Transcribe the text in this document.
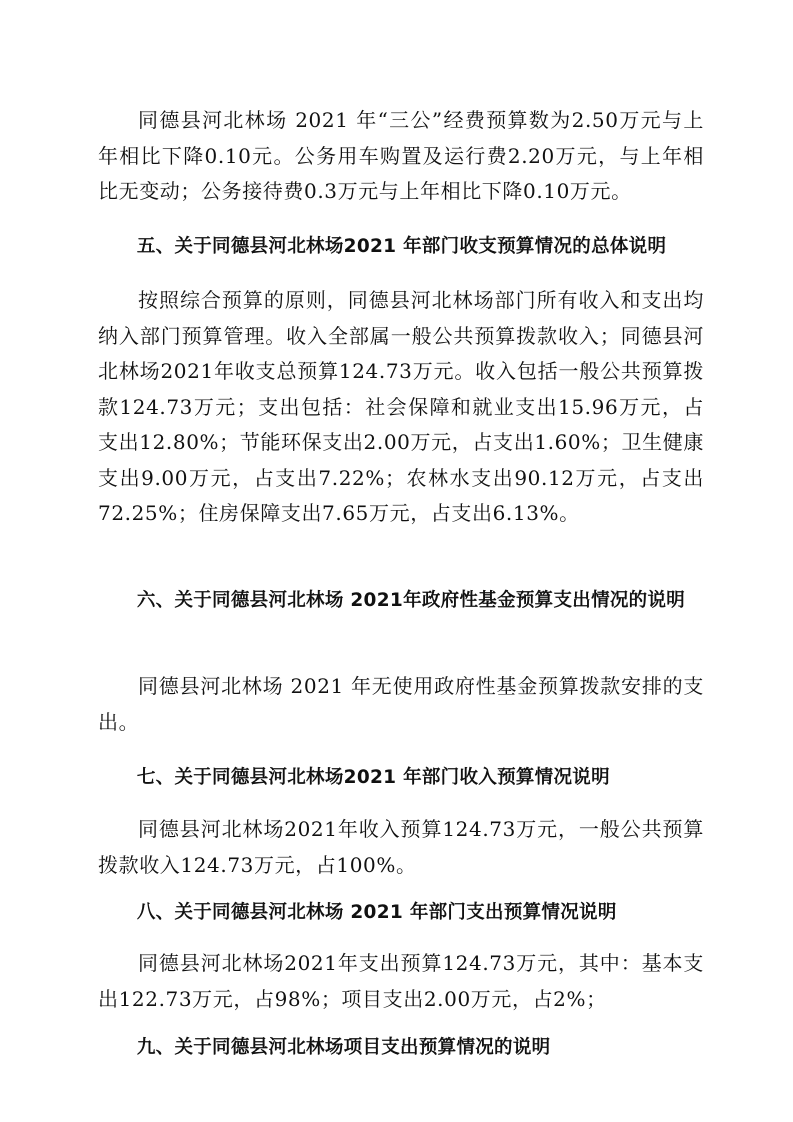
同德县河北林场 2021 年“三公”经费预算数为2.50万元与上年相比下降0.10元。公务用车购置及运行费2.20万元，与上年相比无变动；公务接待费0.3万元与上年相比下降0.10万元。

五、关于同德县河北林场2021 年部门收支预算情况的总体说明

按照综合预算的原则，同德县河北林场部门所有收入和支出均纳入部门预算管理。收入全部属一般公共预算拨款收入；同德县河北林场2021年收支总预算124.73万元。收入包括一般公共预算拨款124.73万元；支出包括：社会保障和就业支出15.96万元，占支出12.80%；节能环保支出2.00万元，占支出1.60%；卫生健康支出9.00万元，占支出7.22%；农林水支出90.12万元，占支出72.25%；住房保障支出7.65万元，占支出6.13%。

六、关于同德县河北林场 2021年政府性基金预算支出情况的说明

同德县河北林场 2021 年无使用政府性基金预算拨款安排的支出。

七、关于同德县河北林场2021 年部门收入预算情况说明

同德县河北林场2021年收入预算124.73万元，一般公共预算拨款收入124.73万元，占100%。

八、关于同德县河北林场 2021 年部门支出预算情况说明

同德县河北林场2021年支出预算124.73万元，其中：基本支出122.73万元，占98%；项目支出2.00万元，占2%；

九、关于同德县河北林场项目支出预算情况的说明
